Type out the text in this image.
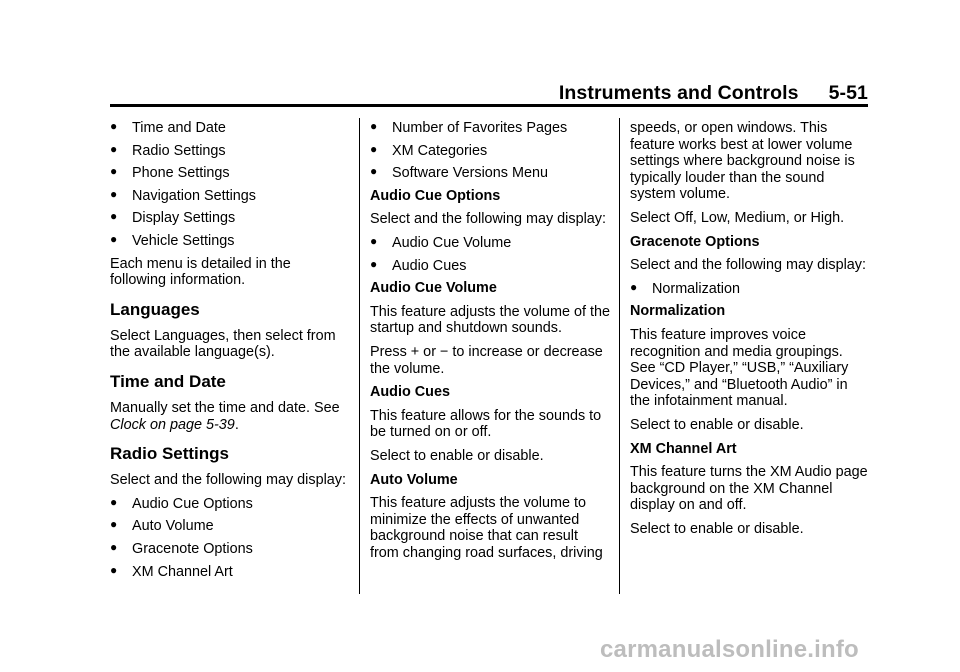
Instruments and Controls 5-51
● Time and Date
● Radio Settings
● Phone Settings
● Navigation Settings
● Display Settings
● Vehicle Settings

Each menu is detailed in the following information.

Languages

Select Languages, then select from the available language(s).

Time and Date

Manually set the time and date. See Clock on page 5-39.

Radio Settings

Select and the following may display:

● Audio Cue Options
● Auto Volume
● Gracenote Options
● XM Channel Art
● Number of Favorites Pages
● XM Categories
● Software Versions Menu
Audio Cue Options

Select and the following may display:

● Audio Cue Volume
● Audio Cues
Audio Cue Volume

This feature adjusts the volume of the startup and shutdown sounds.

Press + or − to increase or decrease the volume.

Audio Cues

This feature allows for the sounds to be turned on or off.

Select to enable or disable.

Auto Volume

This feature adjusts the volume to minimize the effects of unwanted background noise that can result from changing road surfaces, driving

speeds, or open windows. This feature works best at lower volume settings where background noise is typically louder than the sound system volume.

Select Off, Low, Medium, or High.

Gracenote Options

Select and the following may display:

● Normalization
Normalization

This feature improves voice recognition and media groupings. See “CD Player,” “USB,” “Auxiliary Devices,” and “Bluetooth Audio” in the infotainment manual.

Select to enable or disable.

XM Channel Art

This feature turns the XM Audio page background on the XM Channel display on and off.

Select to enable or disable.

carmanualsonline.info
